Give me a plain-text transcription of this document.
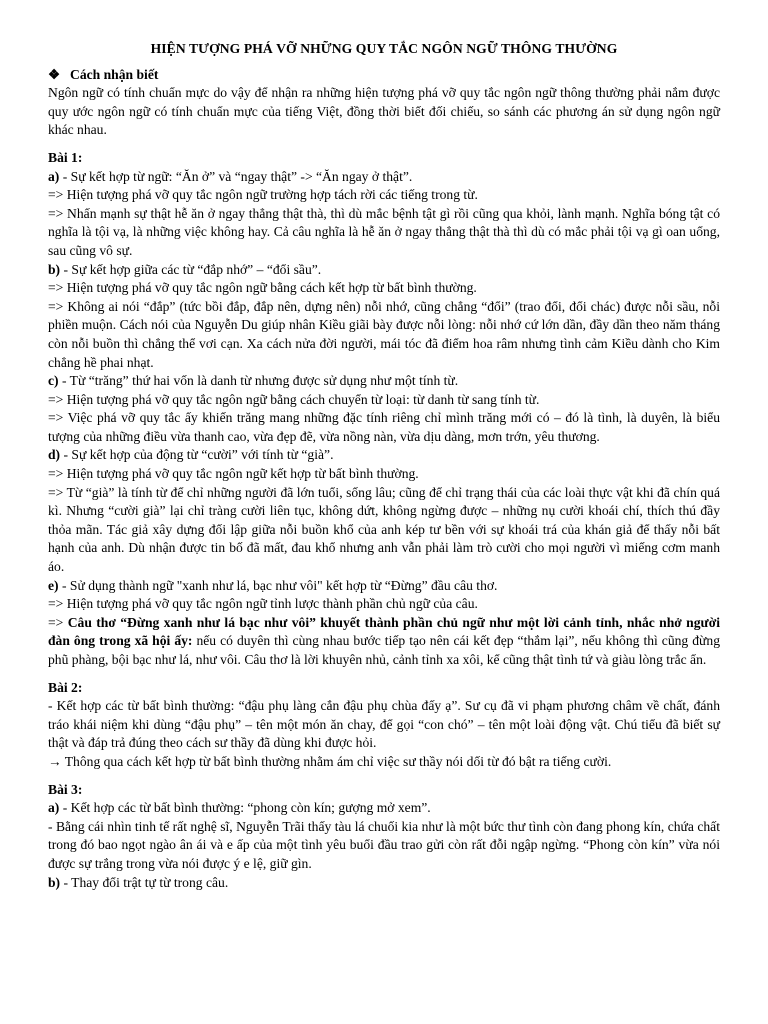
HIỆN TƯỢNG PHÁ VỠ NHỮNG QUY TẮC NGÔN NGỮ THÔNG THƯỜNG
❖ Cách nhận biết

Ngôn ngữ có tính chuẩn mực do vậy để nhận ra những hiện tượng phá vỡ quy tắc ngôn ngữ thông thường phải nắm được quy ước ngôn ngữ có tính chuẩn mực của tiếng Việt, đồng thời biết đối chiếu, so sánh các phương án sử dụng ngôn ngữ khác nhau.

Bài 1:

a) - Sự kết hợp từ ngữ: “Ăn ở” và “ngay thật” -> “Ăn ngay ở thật”.

=> Hiện tượng phá vỡ quy tắc ngôn ngữ trường hợp tách rời các tiếng trong từ.

=> Nhấn mạnh sự thật hễ ăn ở ngay thẳng thật thà, thì dù mắc bệnh tật gì rồi cũng qua khỏi, lành mạnh. Nghĩa bóng tật có nghĩa là tội vạ, là những việc không hay. Cả câu nghĩa là hễ ăn ở ngay thẳng thật thà thì dù có mắc phải tội vạ gì oan uổng, sau cũng vô sự.

b) - Sự kết hợp giữa các từ “đắp nhớ” – “đổi sầu”.

=> Hiện tượng phá vỡ quy tắc ngôn ngữ bằng cách kết hợp từ bất bình thường.

=> Không ai nói “đắp” (tức bồi đắp, đắp nên, dựng nên) nỗi nhớ, cũng chẳng “đổi” (trao đổi, đổi chác) được nỗi sầu, nỗi phiền muộn. Cách nói của Nguyễn Du giúp nhân Kiều giãi bày được nỗi lòng: nỗi nhớ cứ lớn dần, đầy dần theo năm tháng còn nỗi buồn thì chẳng thể vơi cạn. Xa cách nửa đời người, mái tóc đã điểm hoa râm nhưng tình cảm Kiều dành cho Kim chẳng hề phai nhạt.

c) - Từ “trăng” thứ hai vốn là danh từ nhưng được sử dụng như một tính từ.

=> Hiện tượng phá vỡ quy tắc ngôn ngữ bằng cách chuyển từ loại: từ danh từ sang tính từ.

=> Việc phá vỡ quy tắc ấy khiến trăng mang những đặc tính riêng chỉ mình trăng mới có – đó là tình, là duyên, là biểu tượng của những điều vừa thanh cao, vừa đẹp đẽ, vừa nồng nàn, vừa dịu dàng, mơn trớn, yêu thương.

d) - Sự kết hợp của động từ “cười” với tính từ “già”.

=> Hiện tượng phá vỡ quy tắc ngôn ngữ kết hợp từ bất bình thường.

=> Từ “già” là tính từ để chỉ những người đã lớn tuổi, sống lâu; cũng để chỉ trạng thái của các loài thực vật khi đã chín quá kì. Nhưng “cười già” lại chỉ tràng cười liên tục, không dứt, không ngừng được – những nụ cười khoái chí, thích thú đầy thỏa mãn. Tác giả xây dựng đối lập giữa nỗi buồn khổ của anh kép tư bền với sự khoái trá của khán giả để thấy nỗi bất hạnh của anh. Dù nhận được tin bố đã mất, đau khổ nhưng anh vẫn phải làm trò cười cho mọi người vì miếng cơm manh áo.

e) - Sử dụng thành ngữ "xanh như lá, bạc như vôi" kết hợp từ “Đừng” đầu câu thơ.

=> Hiện tượng phá vỡ quy tắc ngôn ngữ tỉnh lược thành phần chủ ngữ của câu.

=> Câu thơ “Đừng xanh như lá bạc như vôi” khuyết thành phần chủ ngữ như một lời cảnh tỉnh, nhắc nhở người đàn ông trong xã hội ấy: nếu có duyên thì cùng nhau bước tiếp tạo nên cái kết đẹp “thắm lại”, nếu không thì cũng đừng phũ phàng, bội bạc như lá, như vôi. Câu thơ là lời khuyên nhủ, cảnh tỉnh xa xôi, kể cũng thật tình tứ và giàu lòng trắc ẩn.

Bài 2:

- Kết hợp các từ bất bình thường: “đậu phụ làng cắn đậu phụ chùa đấy ạ”. Sư cụ đã vi phạm phương châm về chất, đánh tráo khái niệm khi dùng “đậu phụ” – tên một món ăn chay, để gọi “con chó” – tên một loài động vật. Chú tiểu đã biết sự thật và đáp trả đúng theo cách sư thầy đã dùng khi được hỏi.

→ Thông qua cách kết hợp từ bất bình thường nhằm ám chỉ việc sư thầy nói dối từ đó bật ra tiếng cười.

Bài 3:

a) - Kết hợp các từ bất bình thường: “phong còn kín; gượng mở xem”.

- Bằng cái nhìn tinh tế rất nghệ sĩ, Nguyễn Trãi thấy tàu lá chuối kia như là một bức thư tình còn đang phong kín, chứa chất trong đó bao ngọt ngào ân ái và e ấp của một tình yêu buổi đầu trao gửi còn rất đỗi ngập ngừng. “Phong còn kín” vừa nói được sự trắng trong vừa nói được ý e lệ, giữ gìn.

b) - Thay đổi trật tự từ trong câu.
